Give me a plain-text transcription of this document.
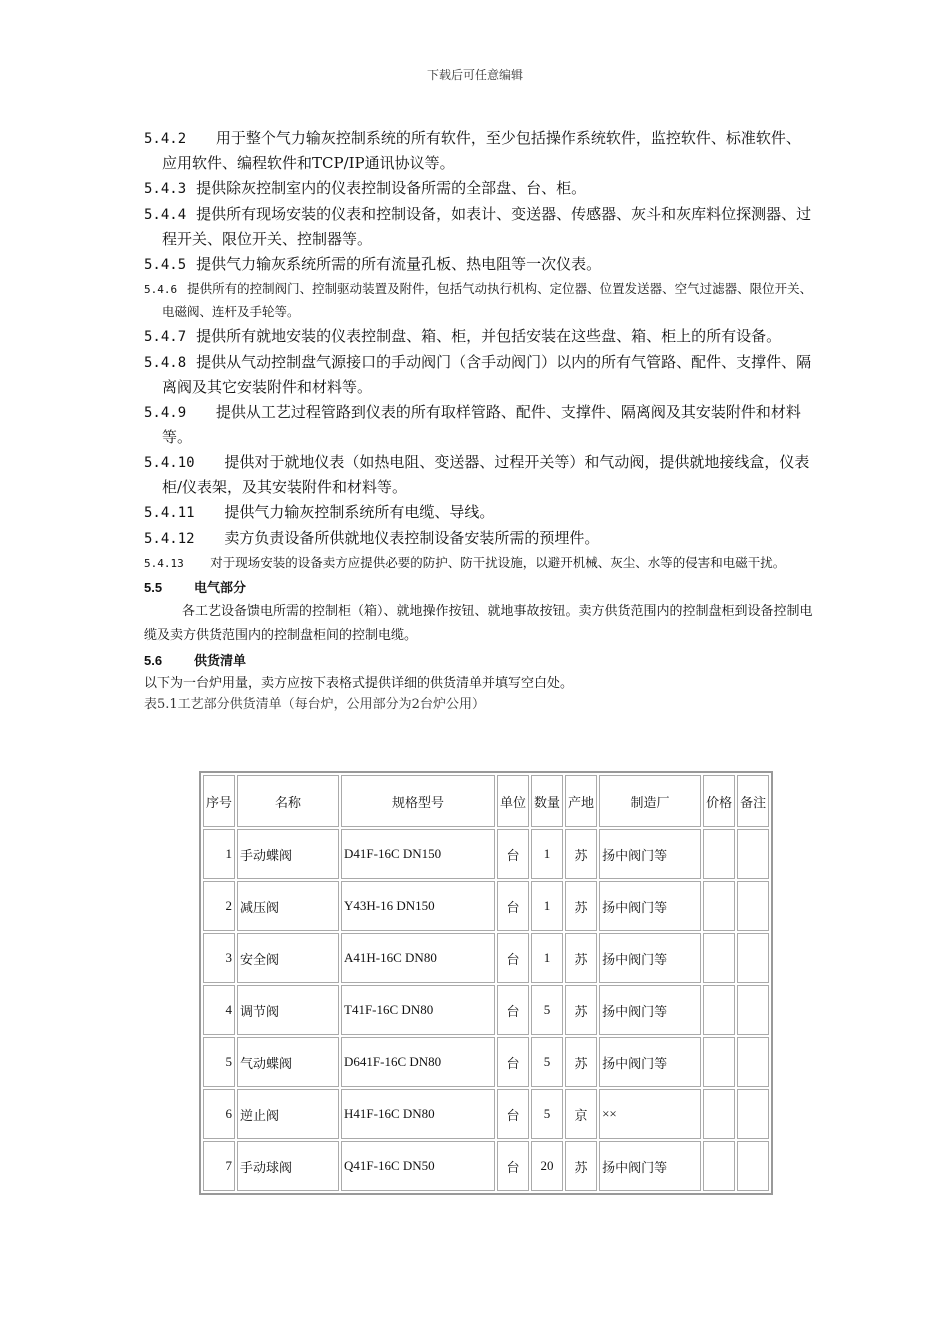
下载后可任意编辑
5.4.2　 用于整个气力输灰控制系统的所有软件，至少包括操作系统软件，监控软件、标准软件、应用软件、编程软件和TCP/IP通讯协议等。
5.4.3 提供除灰控制室内的仪表控制设备所需的全部盘、台、柜。
5.4.4 提供所有现场安装的仪表和控制设备，如表计、变送器、传感器、灰斗和灰库料位探测器、过程开关、限位开关、控制器等。
5.4.5 提供气力输灰系统所需的所有流量孔板、热电阻等一次仪表。
5.4.6 提供所有的控制阀门、控制驱动装置及附件，包括气动执行机构、定位器、位置发送器、空气过滤器、限位开关、电磁阀、连杆及手轮等。
5.4.7 提供所有就地安装的仪表控制盘、箱、柜，并包括安装在这些盘、箱、柜上的所有设备。
5.4.8 提供从气动控制盘气源接口的手动阀门（含手动阀门）以内的所有气管路、配件、支撑件、隔离阀及其它安装附件和材料等。
5.4.9　 提供从工艺过程管路到仪表的所有取样管路、配件、支撑件、隔离阀及其安装附件和材料等。
5.4.10　 提供对于就地仪表（如热电阻、变送器、过程开关等）和气动阀，提供就地接线盒，仪表柜/仪表架，及其安装附件和材料等。
5.4.11　 提供气力输灰控制系统所有电缆、导线。
5.4.12　 卖方负责设备所供就地仪表控制设备安装所需的预埋件。
5.4.13　 对于现场安装的设备卖方应提供必要的防护、防干扰设施，以避开机械、灰尘、水等的侵害和电磁干扰。
5.5 电气部分
各工艺设备馈电所需的控制柜（箱）、就地操作按钮、就地事故按钮。卖方供货范围内的控制盘柜到设备控制电缆及卖方供货范围内的控制盘柜间的控制电缆。
5.6 供货清单
以下为一台炉用量，卖方应按下表格式提供详细的供货清单并填写空白处。
表5.1工艺部分供货清单（每台炉，公用部分为2台炉公用）
序号	名称	规格型号	单位	数量	产地	制造厂	价格	备注
1	手动蝶阀	D41F-16C DN150	台	1	苏	扬中阀门等		
2	减压阀	Y43H-16 DN150	台	1	苏	扬中阀门等		
3	安全阀	A41H-16C DN80	台	1	苏	扬中阀门等		
4	调节阀	T41F-16C DN80	台	5	苏	扬中阀门等		
5	气动蝶阀	D641F-16C DN80	台	5	苏	扬中阀门等		
6	逆止阀	H41F-16C DN80	台	5	京	××		
7	手动球阀	Q41F-16C DN50	台	20	苏	扬中阀门等		
